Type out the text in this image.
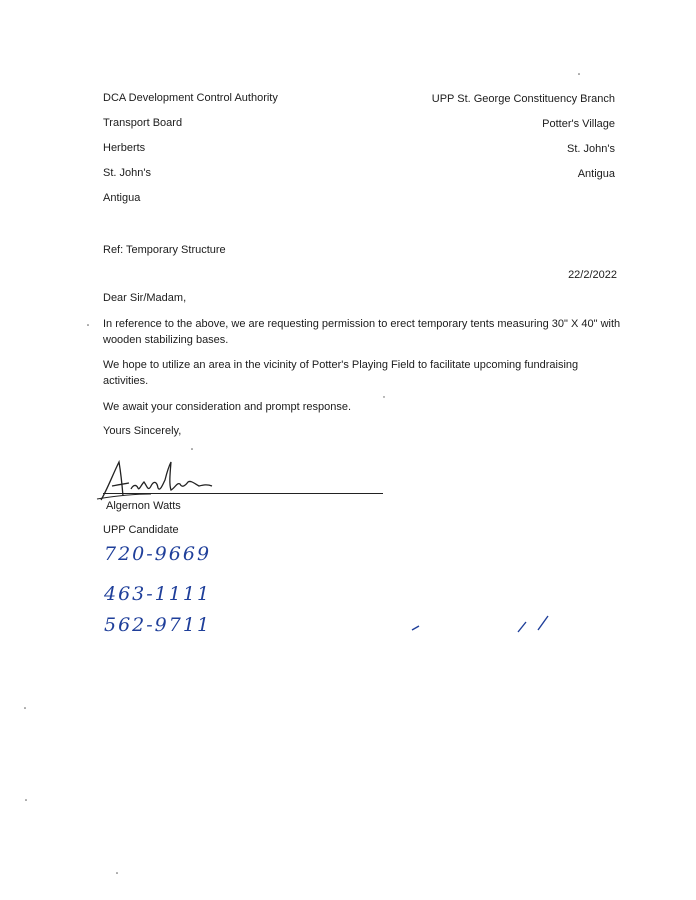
DCA Development Control Authority
Transport Board
Herberts
St. John's
Antigua
UPP St. George Constituency Branch
Potter's Village
St. John's
Antigua
Ref: Temporary Structure
22/2/2022
Dear Sir/Madam,
In reference to the above, we are requesting permission to erect temporary tents measuring 30" X 40" with wooden stabilizing bases.
We hope to utilize an area in the vicinity of Potter's Playing Field to facilitate upcoming fundraising activities.
We await your consideration and prompt response.
Yours Sincerely,
Algernon Watts
UPP Candidate
720-9669
463-1111
562-9711
